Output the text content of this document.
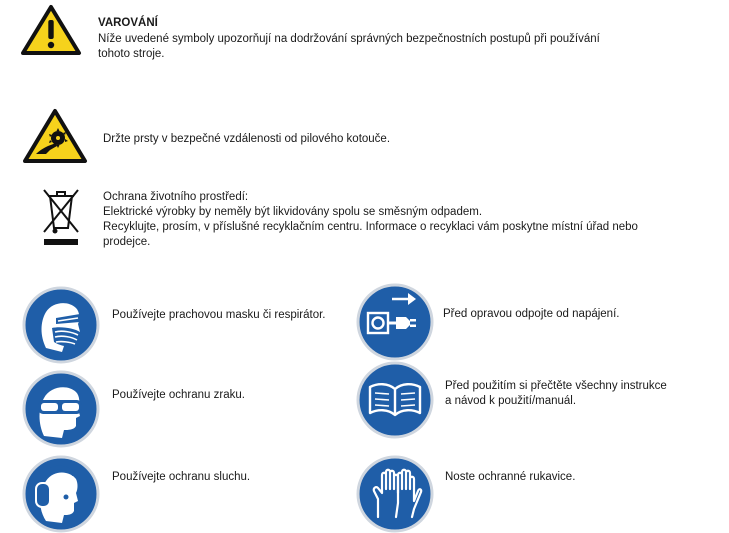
VAROVÁNÍ
Níže uvedené symboly upozorňují na dodržování správných bezpečnostních postupů při používání
tohoto stroje.
Držte prsty v bezpečné vzdálenosti od pilového kotouče.
Ochrana životního prostředí:
Elektrické výrobky by neměly být likvidovány spolu se směsným odpadem.
Recyklujte, prosím, v příslušné recyklačním centru. Informace o recyklaci vám poskytne místní úřad nebo
prodejce.
Používejte prachovou masku či respirátor.
Používejte ochranu zraku.
Používejte ochranu sluchu.
Před opravou odpojte od napájení.
Před použitím si přečtěte všechny instrukce
a návod k použití/manuál.
Noste ochranné rukavice.
